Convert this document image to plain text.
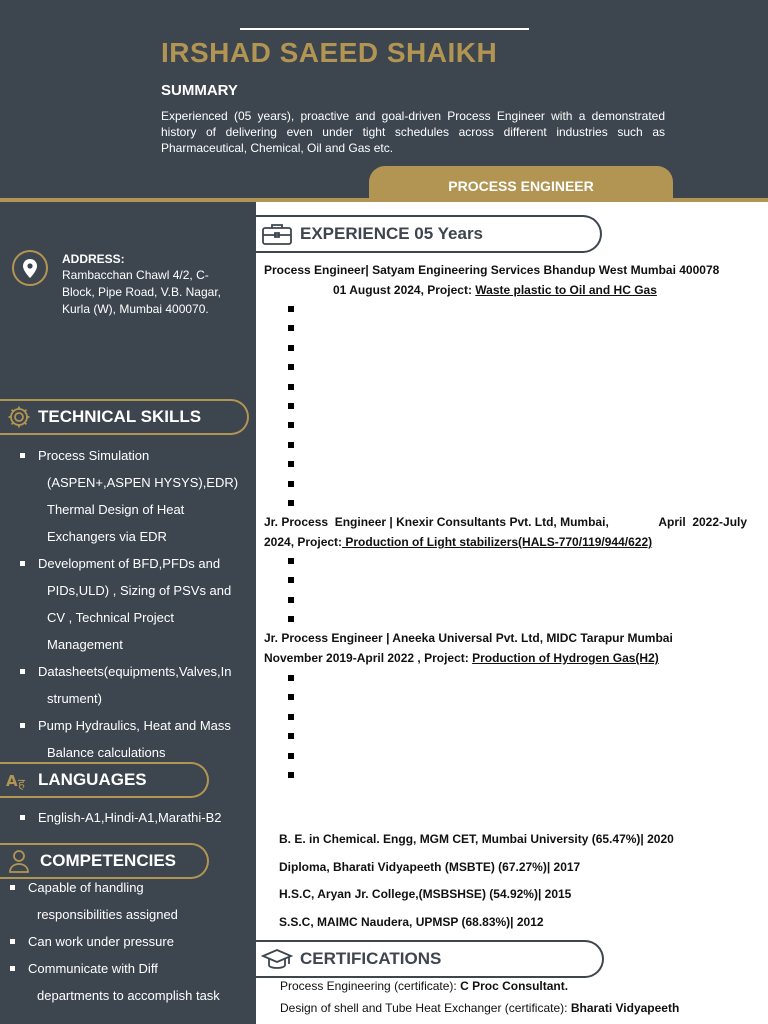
IRSHAD SAEED SHAIKH
SUMMARY
Experienced (05 years), proactive and goal-driven Process Engineer with a demonstrated history of delivering even under tight schedules across different industries such as Pharmaceutical, Chemical, Oil and Gas etc.
PROCESS ENGINEER
ADDRESS:
Rambacchan Chawl 4/2, C-
Block, Pipe Road, V.B. Nagar,
Kurla (W), Mumbai 400070.
TECHNICAL SKILLS
Process Simulation
(ASPEN+,ASPEN HYSYS),EDR)
Thermal Design of Heat
Exchangers via EDR
Development of BFD,PFDs and
PIDs,ULD) , Sizing of PSVs and
CV , Technical Project
Management
Datasheets(equipments,Valves,In
strument)
Pump Hydraulics, Heat and Mass
Balance calculations
A ह LANGUAGES
English-A1,Hindi-A1,Marathi-B2
COMPETENCIES
Capable of handling
responsibilities assigned
Can work under pressure
Communicate with Diff
departments to accomplish task
EXPERIENCE 05 Years
Process Engineer| Satyam Engineering Services Bhandup West Mumbai 400078
01 August 2024, Project: Waste plastic to Oil and HC Gas
Jr. Process  Engineer | Knexir Consultants Pvt. Ltd, Mumbai,               April  2022-July
2024, Project: Production of Light stabilizers(HALS-770/119/944/622)
Jr. Process Engineer | Aneeka Universal Pvt. Ltd, MIDC Tarapur Mumbai
November 2019-April 2022 , Project: Production of Hydrogen Gas(H2)
B. E. in Chemical. Engg, MGM CET, Mumbai University (65.47%)| 2020
Diploma, Bharati Vidyapeeth (MSBTE) (67.27%)| 2017
H.S.C, Aryan Jr. College,(MSBSHSE) (54.92%)| 2015
S.S.C, MAIMC Naudera, UPMSP (68.83%)| 2012
CERTIFICATIONS
Process Engineering (certificate): C Proc Consultant.
Design of shell and Tube Heat Exchanger (certificate): Bharati Vidyapeeth
